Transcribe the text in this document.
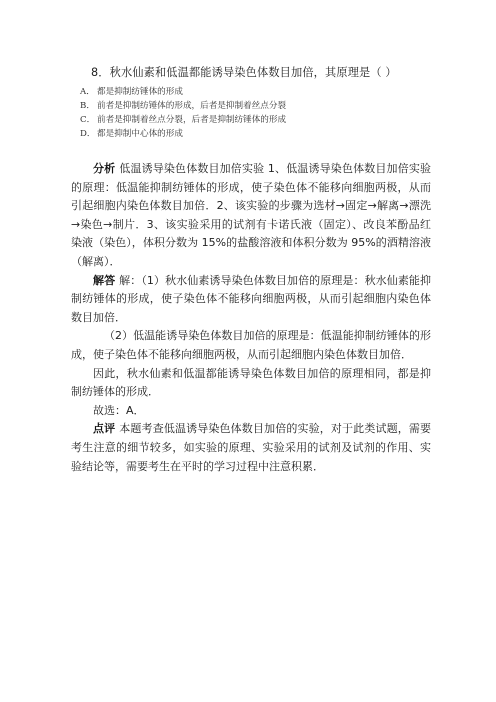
8．秋水仙素和低温都能诱导染色体数目加倍，其原理是（ ）
A． 都是抑制纺锤体的形成
B． 前者是抑制纺锤体的形成，后者是抑制着丝点分裂
C． 前者是抑制着丝点分裂，后者是抑制纺锤体的形成
D． 都是抑制中心体的形成

分析 低温诱导染色体数目加倍实验 1、低温诱导染色体数目加倍实验的原理：低温能抑制纺锤体的形成，使子染色体不能移向细胞两极，从而引起细胞内染色体数目加倍．2、该实验的步骤为选材→固定→解离→漂洗→染色→制片．3、该实验采用的试剂有卡诺氏液（固定）、改良苯酚品红染液（染色），体积分数为 15%的盐酸溶液和体积分数为 95%的酒精溶液（解离）．

解答 解：（1）秋水仙素诱导染色体数目加倍的原理是：秋水仙素能抑制纺锤体的形成，使子染色体不能移向细胞两极，从而引起细胞内染色体数目加倍．

（2）低温能诱导染色体数目加倍的原理是：低温能抑制纺锤体的形成，使子染色体不能移向细胞两极，从而引起细胞内染色体数目加倍．

因此，秋水仙素和低温都能诱导染色体数目加倍的原理相同，都是抑制纺锤体的形成．

故选：A．

点评 本题考查低温诱导染色体数目加倍的实验，对于此类试题，需要考生注意的细节较多，如实验的原理、实验采用的试剂及试剂的作用、实验结论等，需要考生在平时的学习过程中注意积累．
